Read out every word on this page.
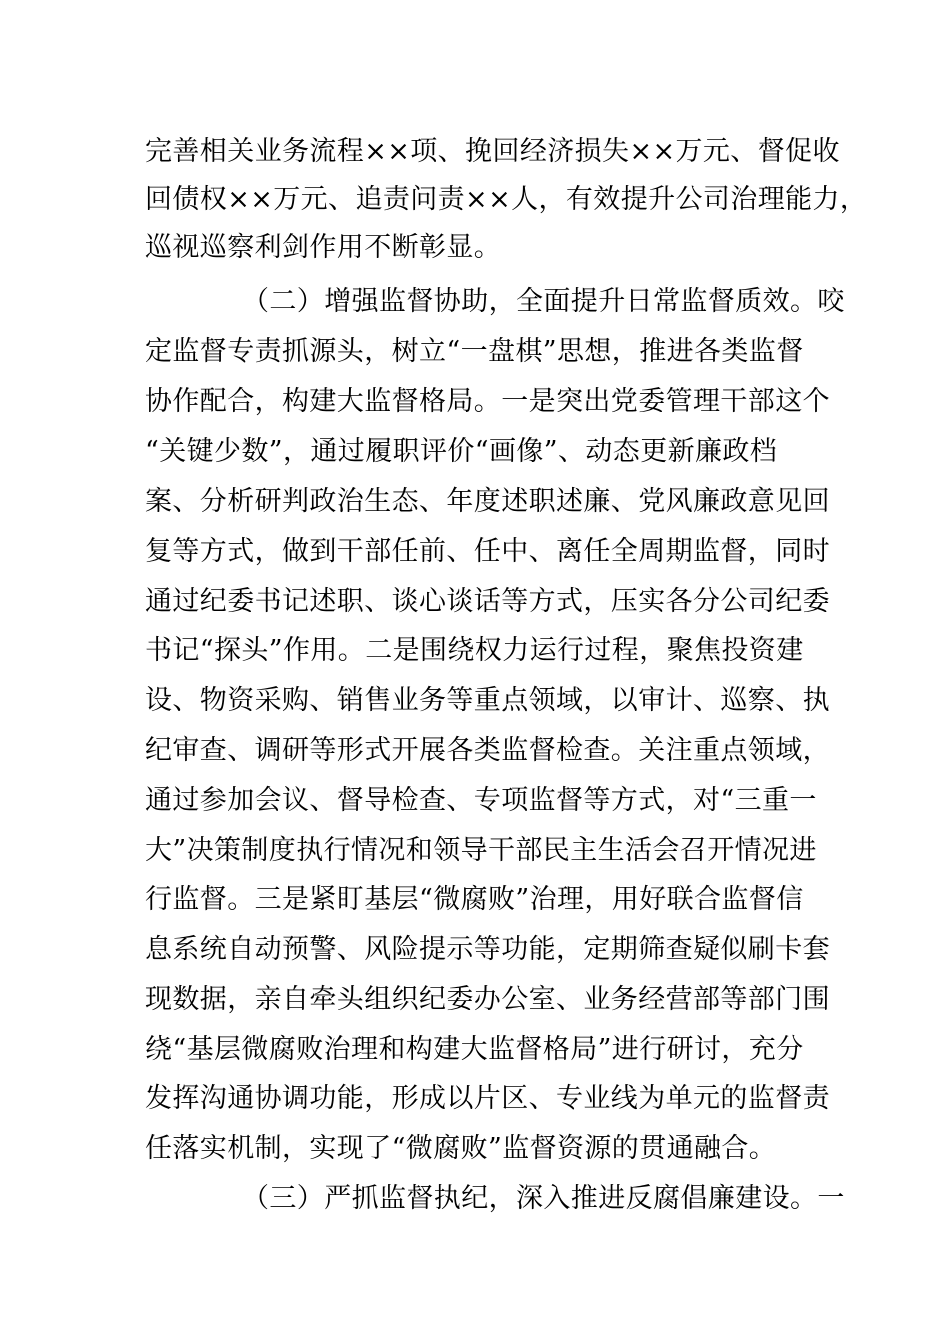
完善相关业务流程××项、挽回经济损失××万元、督促收
回债权××万元、追责问责××人，有效提升公司治理能力，
巡视巡察利剑作用不断彰显。
（二）增强监督协助，全面提升日常监督质效。咬
定监督专责抓源头，树立“一盘棋”思想，推进各类监督
协作配合，构建大监督格局。一是突出党委管理干部这个
“关键少数”，通过履职评价“画像”、动态更新廉政档
案、分析研判政治生态、年度述职述廉、党风廉政意见回
复等方式，做到干部任前、任中、离任全周期监督，同时
通过纪委书记述职、谈心谈话等方式，压实各分公司纪委
书记“探头”作用。二是围绕权力运行过程，聚焦投资建
设、物资采购、销售业务等重点领域，以审计、巡察、执
纪审查、调研等形式开展各类监督检查。关注重点领域，
通过参加会议、督导检查、专项监督等方式，对“三重一
大”决策制度执行情况和领导干部民主生活会召开情况进
行监督。三是紧盯基层“微腐败”治理，用好联合监督信
息系统自动预警、风险提示等功能，定期筛查疑似刷卡套
现数据，亲自牵头组织纪委办公室、业务经营部等部门围
绕“基层微腐败治理和构建大监督格局”进行研讨，充分
发挥沟通协调功能，形成以片区、专业线为单元的监督责
任落实机制，实现了“微腐败”监督资源的贯通融合。
（三）严抓监督执纪，深入推进反腐倡廉建设。一
